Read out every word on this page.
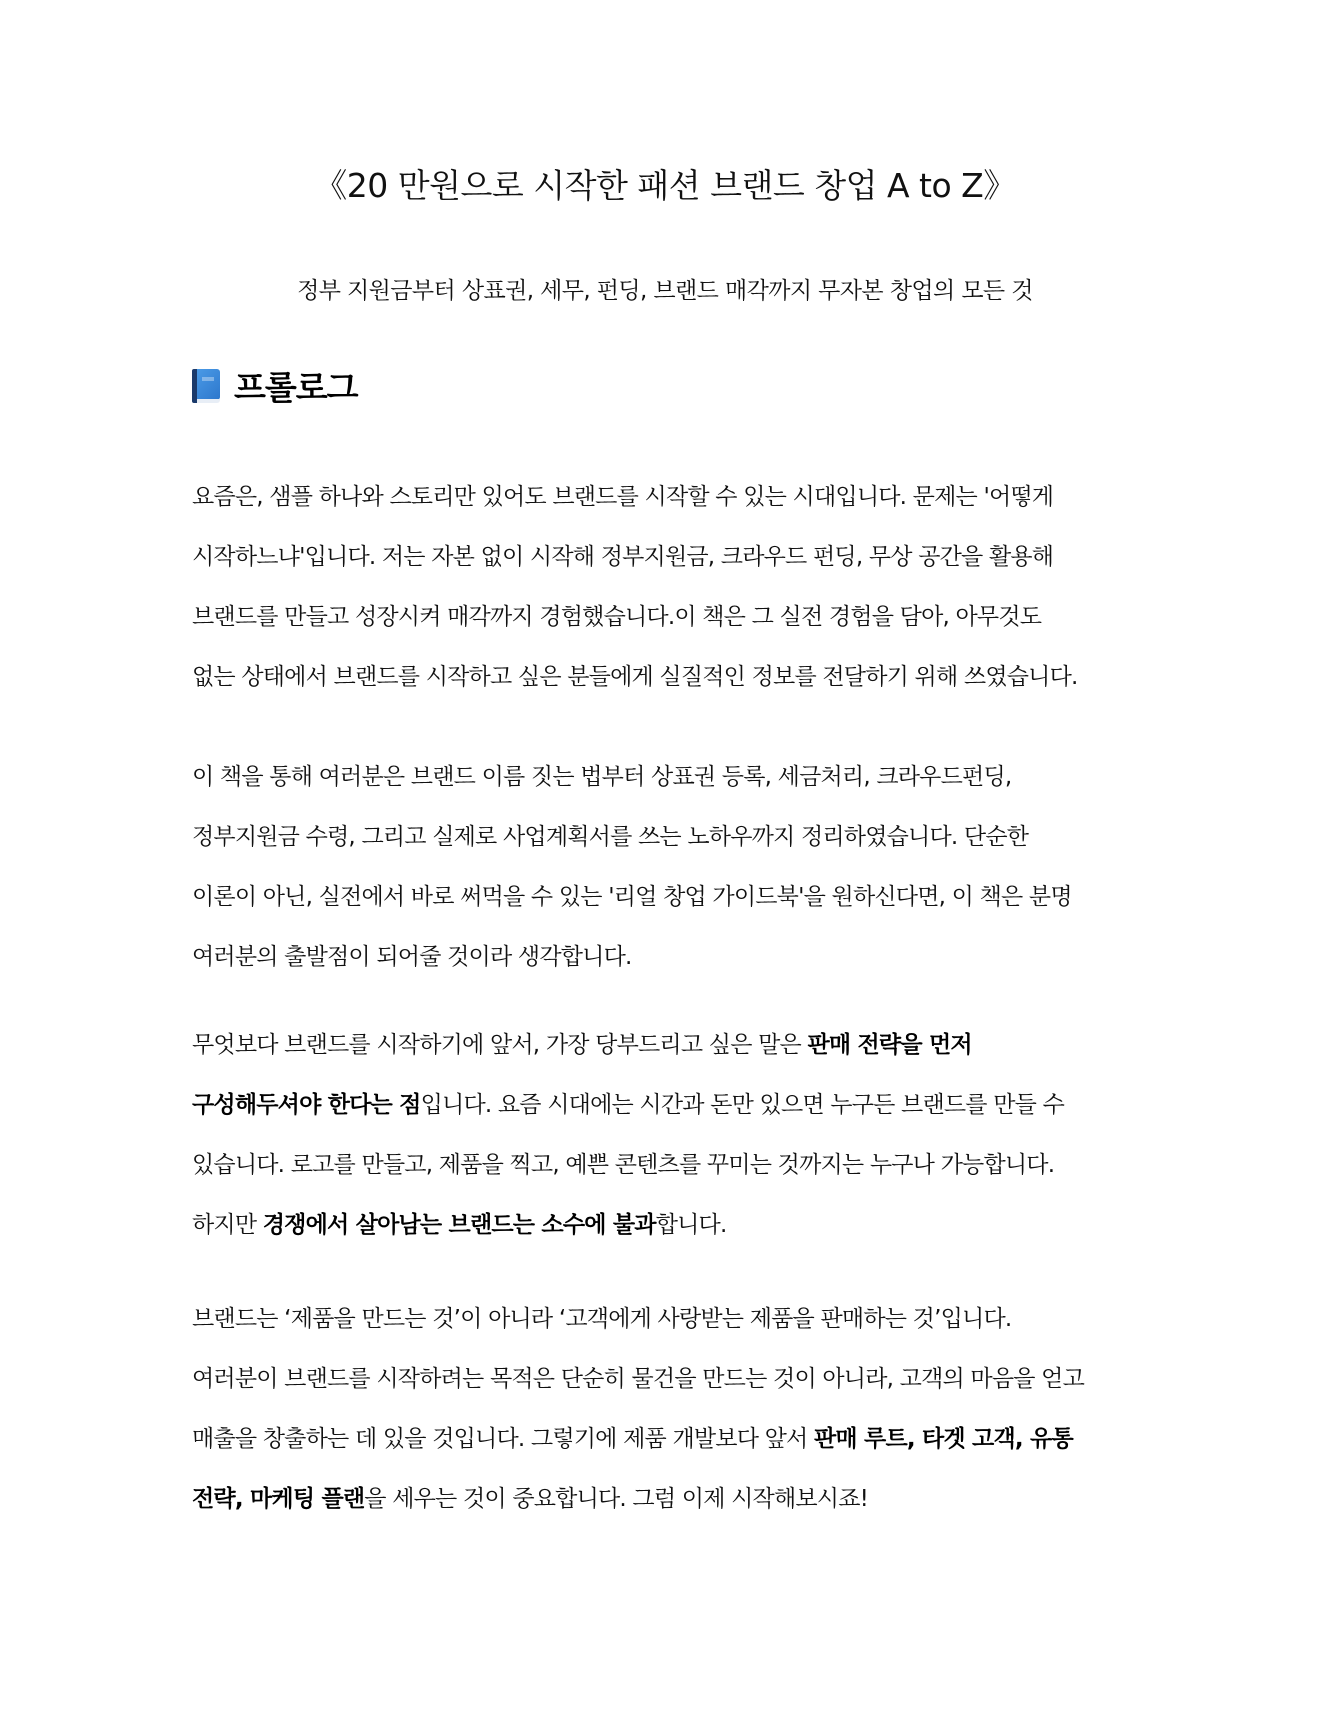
《20 만원으로 시작한 패션 브랜드 창업 A to Z》

정부 지원금부터 상표권, 세무, 펀딩, 브랜드 매각까지 무자본 창업의 모든 것

프롤로그
요즘은, 샘플 하나와 스토리만 있어도 브랜드를 시작할 수 있는 시대입니다. 문제는 '어떻게
시작하느냐'입니다. 저는 자본 없이 시작해 정부지원금, 크라우드 펀딩, 무상 공간을 활용해
브랜드를 만들고 성장시켜 매각까지 경험했습니다.이 책은 그 실전 경험을 담아, 아무것도
없는 상태에서 브랜드를 시작하고 싶은 분들에게 실질적인 정보를 전달하기 위해 쓰였습니다.
이 책을 통해 여러분은 브랜드 이름 짓는 법부터 상표권 등록, 세금처리, 크라우드펀딩,
정부지원금 수령, 그리고 실제로 사업계획서를 쓰는 노하우까지 정리하였습니다. 단순한
이론이 아닌, 실전에서 바로 써먹을 수 있는 '리얼 창업 가이드북'을 원하신다면, 이 책은 분명
여러분의 출발점이 되어줄 것이라 생각합니다.
무엇보다 브랜드를 시작하기에 앞서, 가장 당부드리고 싶은 말은 판매 전략을 먼저
구성해두셔야 한다는 점입니다. 요즘 시대에는 시간과 돈만 있으면 누구든 브랜드를 만들 수
있습니다. 로고를 만들고, 제품을 찍고, 예쁜 콘텐츠를 꾸미는 것까지는 누구나 가능합니다.
하지만 경쟁에서 살아남는 브랜드는 소수에 불과합니다.
브랜드는 ‘제품을 만드는 것’이 아니라 ‘고객에게 사랑받는 제품을 판매하는 것’입니다.
여러분이 브랜드를 시작하려는 목적은 단순히 물건을 만드는 것이 아니라, 고객의 마음을 얻고
매출을 창출하는 데 있을 것입니다. 그렇기에 제품 개발보다 앞서 판매 루트, 타겟 고객, 유통
전략, 마케팅 플랜을 세우는 것이 중요합니다. 그럼 이제 시작해보시죠!
